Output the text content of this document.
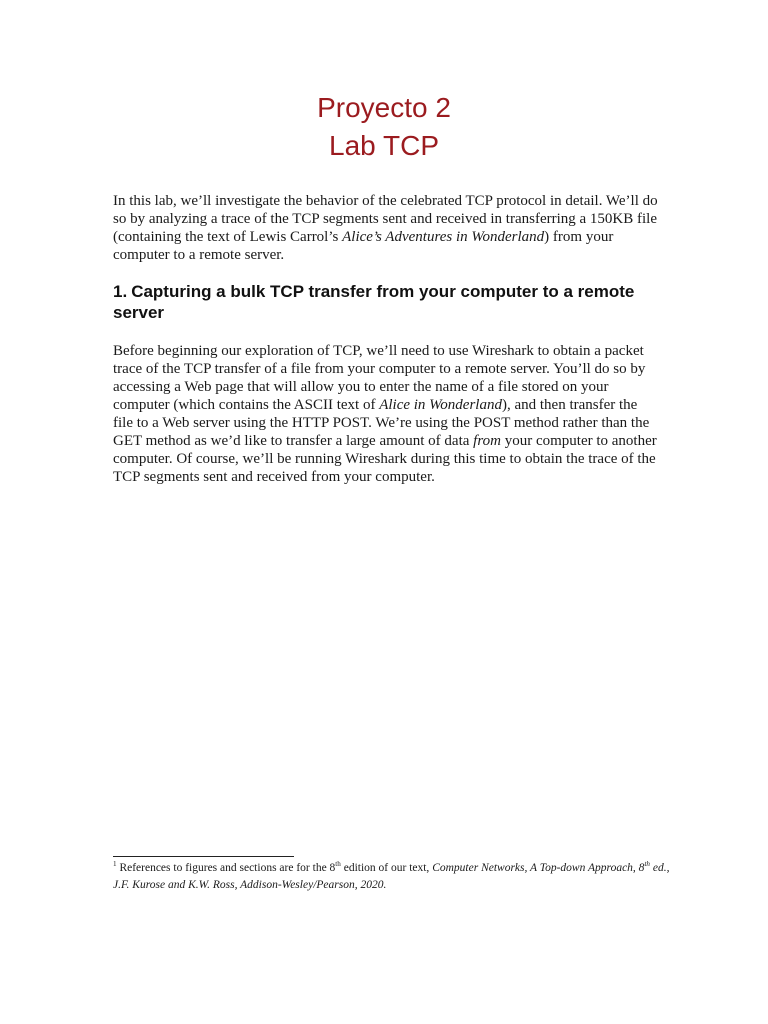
Proyecto 2
Lab TCP

In this lab, we’ll investigate the behavior of the celebrated TCP protocol in detail. We’ll do so by analyzing a trace of the TCP segments sent and received in transferring a 150KB file (containing the text of Lewis Carrol’s Alice’s Adventures in Wonderland) from your computer to a remote server.

1. Capturing a bulk TCP transfer from your computer to a remote server

Before beginning our exploration of TCP, we’ll need to use Wireshark to obtain a packet trace of the TCP transfer of a file from your computer to a remote server. You’ll do so by accessing a Web page that will allow you to enter the name of a file stored on your computer (which contains the ASCII text of Alice in Wonderland), and then transfer the file to a Web server using the HTTP POST. We’re using the POST method rather than the GET method as we’d like to transfer a large amount of data from your computer to another computer. Of course, we’ll be running Wireshark during this time to obtain the trace of the TCP segments sent and received from your computer.

$^1$ References to figures and sections are for the 8th edition of our text, Computer Networks, A Top-down Approach, 8th ed., J.F. Kurose and K.W. Ross, Addison-Wesley/Pearson, 2020.
